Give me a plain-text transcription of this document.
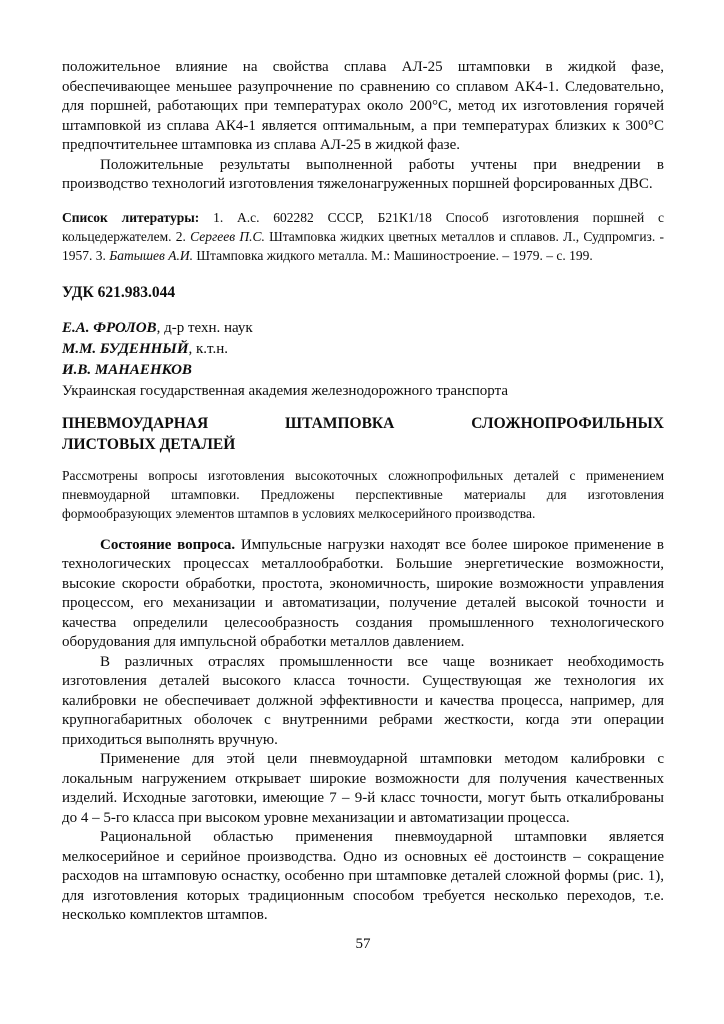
положительное влияние на свойства сплава АЛ-25 штамповки в жидкой фазе, обеспечивающее меньшее разупрочнение по сравнению со сплавом АК4-1. Следовательно, для поршней, работающих при температурах около 200°С, метод их изготовления горячей штамповкой из сплава АК4-1 является оптимальным, а при температурах близких к 300°С предпочтительнее штамповка из сплава АЛ-25 в жидкой фазе.

Положительные результаты выполненной работы учтены при внедрении в производство технологий изготовления тяжелонагруженных поршней форсированных ДВС.

Список литературы: 1. А.с. 602282 СССР, Б21К1/18 Способ изготовления поршней с кольцедержателем. 2. Сергеев П.С. Штамповка жидких цветных металлов и сплавов. Л., Судпромгиз. - 1957. 3. Батышев А.И. Штамповка жидкого металла. М.: Машиностроение. – 1979. – с. 199.

УДК 621.983.044

Е.А. ФРОЛОВ, д-р техн. наук
М.М. БУДЕННЫЙ, к.т.н.
И.В. МАНАЕНКОВ
Украинская государственная академия железнодорожного транспорта
ПНЕВМОУДАРНАЯ ШТАМПОВКА СЛОЖНОПРОФИЛЬНЫХ
ЛИСТОВЫХ ДЕТАЛЕЙ

Рассмотрены вопросы изготовления высокоточных сложнопрофильных деталей с применением пневмоударной штамповки. Предложены перспективные материалы для изготовления формообразующих элементов штампов в условиях мелкосерийного производства.

Состояние вопроса. Импульсные нагрузки находят все более широкое применение в технологических процессах металлообработки. Большие энергетические возможности, высокие скорости обработки, простота, экономичность, широкие возможности управления процессом, его механизации и автоматизации, получение деталей высокой точности и качества определили целесообразность создания промышленного технологического оборудования для импульсной обработки металлов давлением.

В различных отраслях промышленности все чаще возникает необходимость изготовления деталей высокого класса точности. Существующая же технология их калибровки не обеспечивает должной эффективности и качества процесса, например, для крупногабаритных оболочек с внутренними ребрами жесткости, когда эти операции приходиться выполнять вручную.

Применение для этой цели пневмоударной штамповки методом калибровки с локальным нагружением открывает широкие возможности для получения качественных изделий. Исходные заготовки, имеющие 7 – 9-й класс точности, могут быть откалиброваны до 4 – 5-го класса при высоком уровне механизации и автоматизации процесса.

Рациональной областью применения пневмоударной штамповки является мелкосерийное и серийное производства. Одно из основных её достоинств – сокращение расходов на штамповую оснастку, особенно при штамповке деталей сложной формы (рис. 1), для изготовления которых традиционным способом требуется несколько переходов, т.е. несколько комплектов штампов.

57
